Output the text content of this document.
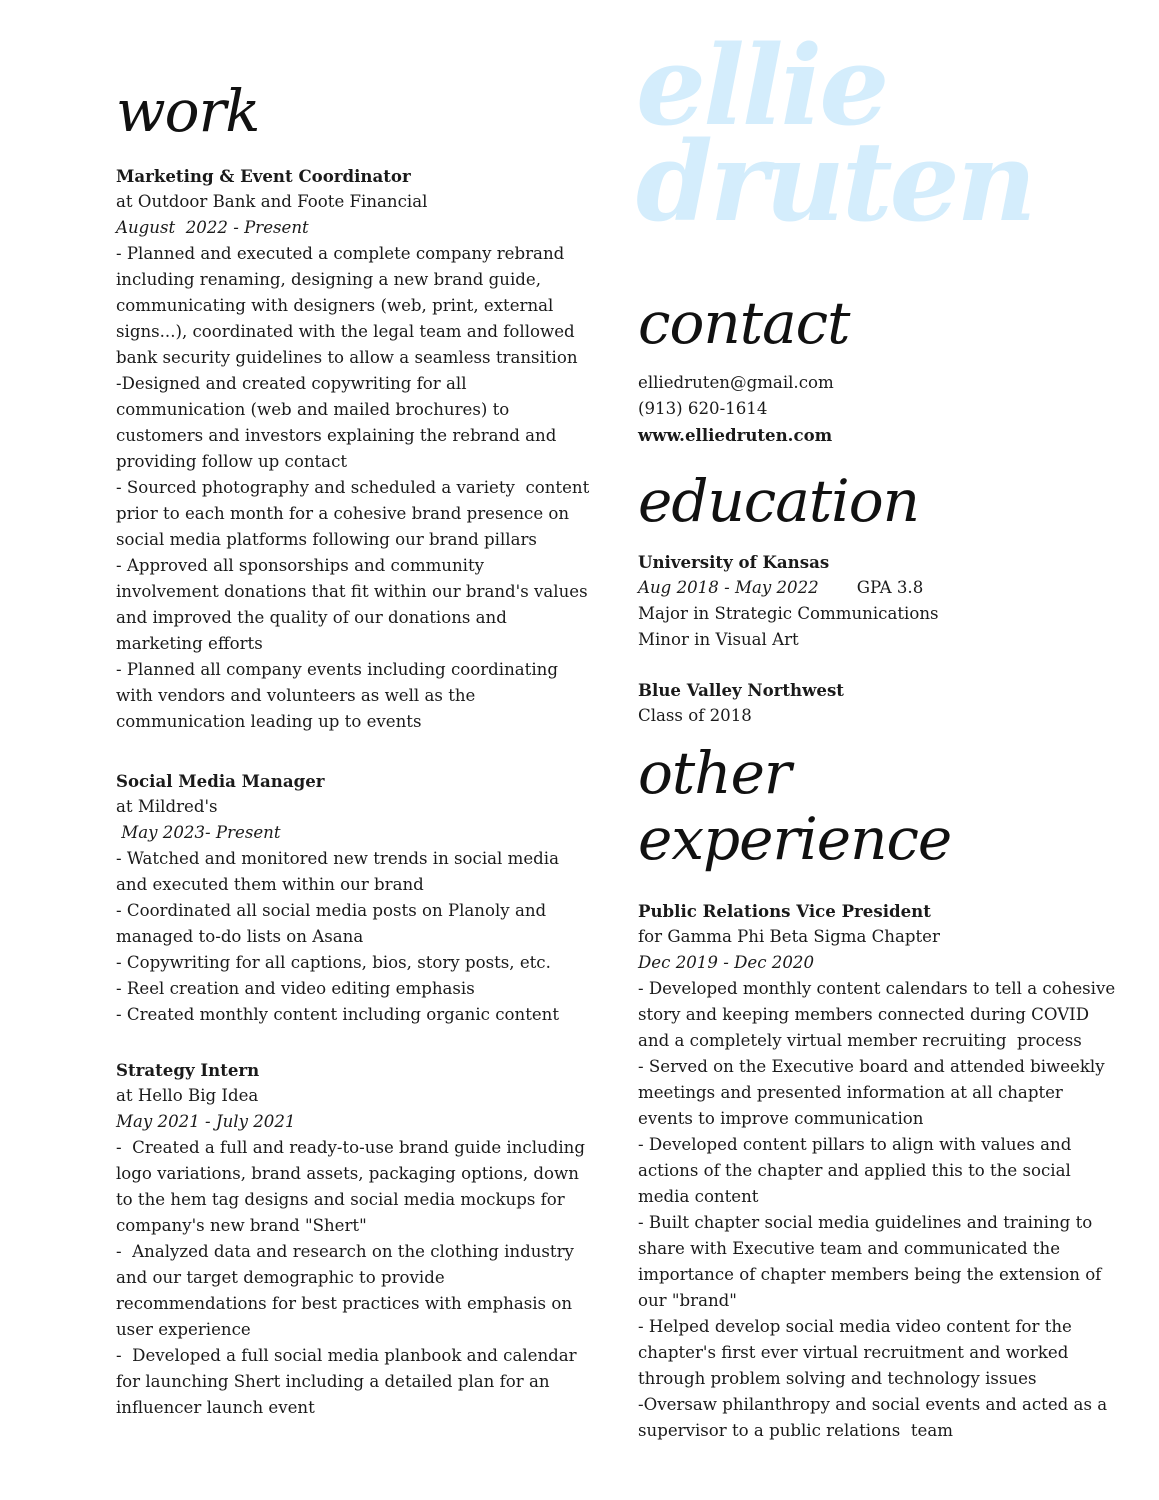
ellie
druten
work
Marketing & Event Coordinator
at Outdoor Bank and Foote Financial
August  2022 - Present
- Planned and executed a complete company rebrand
including renaming, designing a new brand guide,
communicating with designers (web, print, external
signs...), coordinated with the legal team and followed
bank security guidelines to allow a seamless transition
-Designed and created copywriting for all
communication (web and mailed brochures) to
customers and investors explaining the rebrand and
providing follow up contact
- Sourced photography and scheduled a variety  content
prior to each month for a cohesive brand presence on
social media platforms following our brand pillars
- Approved all sponsorships and community
involvement donations that fit within our brand's values
and improved the quality of our donations and
marketing efforts
- Planned all company events including coordinating
with vendors and volunteers as well as the
communication leading up to events
Social Media Manager
at Mildred's
May 2023- Present
- Watched and monitored new trends in social media
and executed them within our brand
- Coordinated all social media posts on Planoly and
managed to-do lists on Asana
- Copywriting for all captions, bios, story posts, etc.
- Reel creation and video editing emphasis
- Created monthly content including organic content
Strategy Intern
at Hello Big Idea
May 2021 - July 2021
-  Created a full and ready-to-use brand guide including
logo variations, brand assets, packaging options, down
to the hem tag designs and social media mockups for
company's new brand "Shert"
-  Analyzed data and research on the clothing industry
and our target demographic to provide
recommendations for best practices with emphasis on
user experience
-  Developed a full social media planbook and calendar
for launching Shert including a detailed plan for an
influencer launch event
contact
elliedruten@gmail.com
(913) 620-1614
www.elliedruten.com
education
University of Kansas
Aug 2018 - May 2022 GPA 3.8
Major in Strategic Communications
Minor in Visual Art
Blue Valley Northwest
Class of 2018
other
experience
Public Relations Vice President
for Gamma Phi Beta Sigma Chapter
Dec 2019 - Dec 2020
- Developed monthly content calendars to tell a cohesive
story and keeping members connected during COVID
and a completely virtual member recruiting  process
- Served on the Executive board and attended biweekly
meetings and presented information at all chapter
events to improve communication
- Developed content pillars to align with values and
actions of the chapter and applied this to the social
media content
- Built chapter social media guidelines and training to
share with Executive team and communicated the
importance of chapter members being the extension of
our "brand"
- Helped develop social media video content for the
chapter's first ever virtual recruitment and worked
through problem solving and technology issues
-Oversaw philanthropy and social events and acted as a
supervisor to a public relations  team
